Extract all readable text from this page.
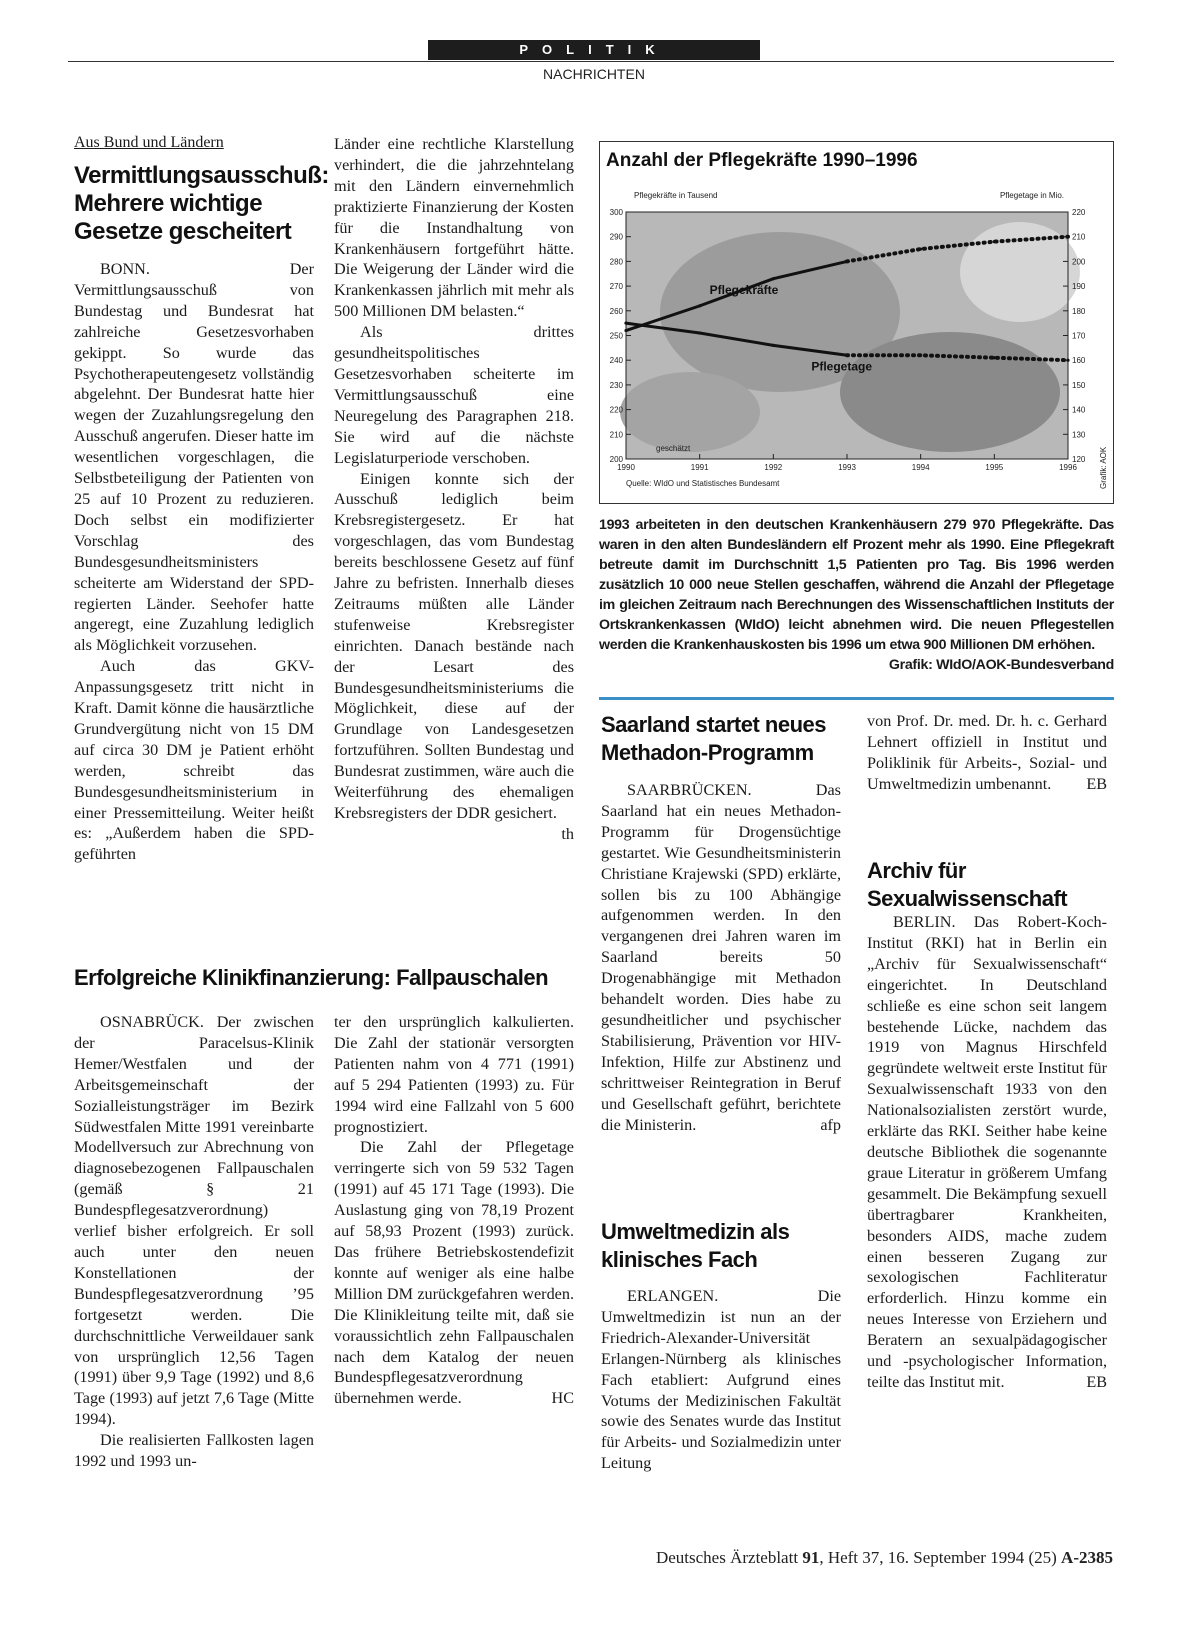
POLITIK
NACHRICHTEN
Aus Bund und Ländern
Vermittlungsausschuß: Mehrere wichtige Gesetze gescheitert

BONN. Der Vermittlungsausschuß von Bundestag und Bundesrat hat zahlreiche Gesetzesvorhaben gekippt. So wurde das Psychotherapeutengesetz vollständig abgelehnt. Der Bundesrat hatte hier wegen der Zuzahlungsregelung den Ausschuß angerufen. Dieser hatte im wesentlichen vorgeschlagen, die Selbstbeteiligung der Patienten von 25 auf 10 Prozent zu reduzieren. Doch selbst ein modifizierter Vorschlag des Bundesgesundheitsministers scheiterte am Widerstand der SPD-regierten Länder. Seehofer hatte angeregt, eine Zuzahlung lediglich als Möglichkeit vorzusehen.

Auch das GKV-Anpassungsgesetz tritt nicht in Kraft. Damit könne die hausärztliche Grundvergütung nicht von 15 DM auf circa 30 DM je Patient erhöht werden, schreibt das Bundesgesundheitsministerium in einer Pressemitteilung. Weiter heißt es: „Außerdem haben die SPD-geführten

Länder eine rechtliche Klarstellung verhindert, die die jahrzehntelang mit den Ländern einvernehmlich praktizierte Finanzierung der Kosten für die Instandhaltung von Krankenhäusern fortgeführt hätte. Die Weigerung der Länder wird die Krankenkassen jährlich mit mehr als 500 Millionen DM belasten.“

Als drittes gesundheitspolitisches Gesetzesvorhaben scheiterte im Vermittlungsausschuß eine Neuregelung des Paragraphen 218. Sie wird auf die nächste Legislaturperiode verschoben.

Einigen konnte sich der Ausschuß lediglich beim Krebsregistergesetz. Er hat vorgeschlagen, das vom Bundestag bereits beschlossene Gesetz auf fünf Jahre zu befristen. Innerhalb dieses Zeitraums müßten alle Länder stufenweise Krebsregister einrichten. Danach bestände nach der Lesart des Bundesgesundheitsministeriums die Möglichkeit, diese auf der Grundlage von Landesgesetzen fortzuführen. Sollten Bundestag und Bundesrat zustimmen, wäre auch die Weiterführung des ehemaligen Krebsregisters der DDR gesichert.
th

Erfolgreiche Klinikfinanzierung: Fallpauschalen

OSNABRÜCK. Der zwischen der Paracelsus-Klinik Hemer/Westfalen und der Arbeitsgemeinschaft der Sozialleistungsträger im Bezirk Südwestfalen Mitte 1991 vereinbarte Modellversuch zur Abrechnung von diagnosebezogenen Fallpauschalen (gemäß § 21 Bundespflegesatzverordnung) verlief bisher erfolgreich. Er soll auch unter den neuen Konstellationen der Bundespflegesatzverordnung ’95 fortgesetzt werden. Die durchschnittliche Verweildauer sank von ursprünglich 12,56 Tagen (1991) über 9,9 Tage (1992) und 8,6 Tage (1993) auf jetzt 7,6 Tage (Mitte 1994).

Die realisierten Fallkosten lagen 1992 und 1993 un-

ter den ursprünglich kalkulierten. Die Zahl der stationär versorgten Patienten nahm von 4 771 (1991) auf 5 294 Patienten (1993) zu. Für 1994 wird eine Fallzahl von 5 600 prognostiziert.

Die Zahl der Pflegetage verringerte sich von 59 532 Tagen (1991) auf 45 171 Tage (1993). Die Auslastung ging von 78,19 Prozent auf 58,93 Prozent (1993) zurück. Das frühere Betriebskostendefizit konnte auf weniger als eine halbe Million DM zurückgefahren werden. Die Klinikleitung teilte mit, daß sie voraussichtlich zehn Fallpauschalen nach dem Katalog der neuen Bundespflegesatzverordnung übernehmen werde.	HC

Anzahl der Pflegekräfte 1990–1996
Pflegekräfte in Tausend	Pflegetage in Mio.
200
210
220
230
240
250
260
270
280
290
300
120
130
140
150
160
170
180
190
200
210
220
1990	1991	1992	1993	1994	1995	1996
Pflegekräfte
Pflegetage
geschätzt
Quelle: WIdO und Statistisches Bundesamt	Grafik: AOK
1993 arbeiteten in den deutschen Krankenhäusern 279 970 Pflegekräfte. Das waren in den alten Bundesländern elf Prozent mehr als 1990. Eine Pflegekraft betreute damit im Durchschnitt 1,5 Patienten pro Tag. Bis 1996 werden zusätzlich 10 000 neue Stellen geschaffen, während die Anzahl der Pflegetage im gleichen Zeitraum nach Berechnungen des Wissenschaftlichen Instituts der Ortskrankenkassen (WIdO) leicht abnehmen wird. Die neuen Pflegestellen werden die Krankenhauskosten bis 1996 um etwa 900 Millionen DM erhöhen.
Grafik: WIdO/AOK-Bundesverband
Saarland startet neues Methadon-Programm

SAARBRÜCKEN. Das Saarland hat ein neues Methadon-Programm für Drogensüchtige gestartet. Wie Gesundheitsministerin Christiane Krajewski (SPD) erklärte, sollen bis zu 100 Abhängige aufgenommen werden. In den vergangenen drei Jahren waren im Saarland bereits 50 Drogenabhängige mit Methadon behandelt worden. Dies habe zu gesundheitlicher und psychischer Stabilisierung, Prävention vor HIV-Infektion, Hilfe zur Abstinenz und schrittweiser Reintegration in Beruf und Gesellschaft geführt, berichtete die Ministerin.	afp

Umweltmedizin als klinisches Fach

ERLANGEN. Die Umweltmedizin ist nun an der Friedrich-Alexander-Universität Erlangen-Nürnberg als klinisches Fach etabliert: Aufgrund eines Votums der Medizinischen Fakultät sowie des Senates wurde das Institut für Arbeits- und Sozialmedizin unter Leitung

von Prof. Dr. med. Dr. h. c. Gerhard Lehnert offiziell in Institut und Poliklinik für Arbeits-, Sozial- und Umweltmedizin umbenannt. EB

Archiv für Sexualwissenschaft

BERLIN. Das Robert-Koch-Institut (RKI) hat in Berlin ein „Archiv für Sexualwissenschaft“ eingerichtet. In Deutschland schließe es eine schon seit langem bestehende Lücke, nachdem das 1919 von Magnus Hirschfeld gegründete weltweit erste Institut für Sexualwissenschaft 1933 von den Nationalsozialisten zerstört wurde, erklärte das RKI. Seither habe keine deutsche Bibliothek die sogenannte graue Literatur in größerem Umfang gesammelt. Die Bekämpfung sexuell übertragbarer Krankheiten, besonders AIDS, mache zudem einen besseren Zugang zur sexologischen Fachliteratur erforderlich. Hinzu komme ein neues Interesse von Erziehern und Beratern an sexualpädagogischer und -psychologischer Information, teilte das Institut mit.	EB

Deutsches Ärzteblatt 91, Heft 37, 16. September 1994 (25) A-2385
